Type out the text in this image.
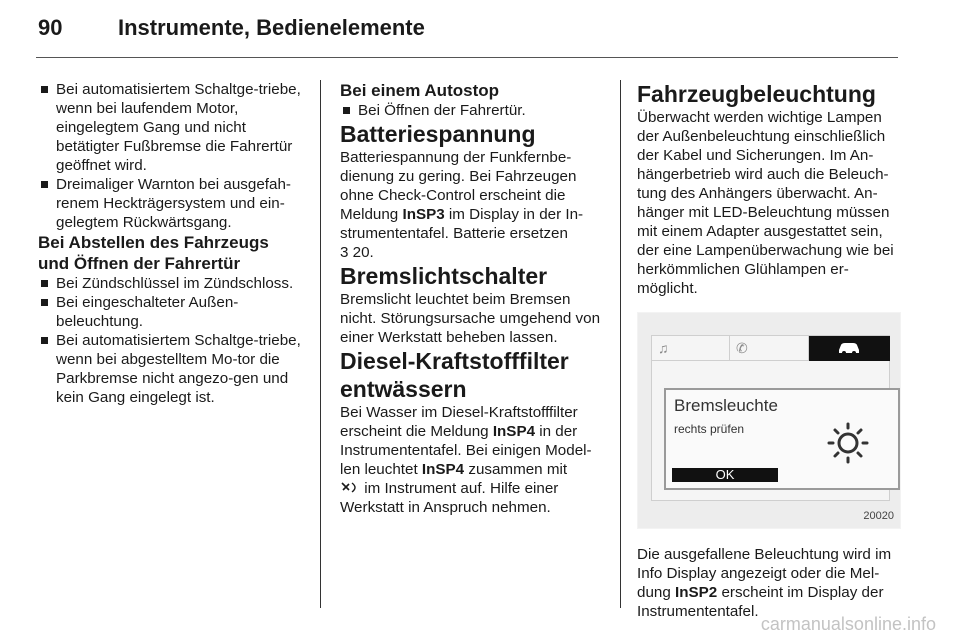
90	Instrumente, Bedienelemente

Bei automatisiertem Schaltge-triebe, wenn bei laufendem Motor, eingelegtem Gang und nicht betätigter Fußbremse die Fahrertür geöffnet wird.

Dreimaliger Warnton bei ausgefah-renem Heckträgersystem und ein-gelegtem Rückwärtsgang.

Bei Abstellen des Fahrzeugs und Öffnen der Fahrertür

Bei Zündschlüssel im Zündschloss.

Bei eingeschalteter Außen-beleuchtung.

Bei automatisiertem Schaltge-triebe, wenn bei abgestelltem Mo-tor die Parkbremse nicht angezo-gen und kein Gang eingelegt ist.

Bei einem Autostop

Bei Öffnen der Fahrertür.

Batteriespannung

Batteriespannung der Funkfernbe-dienung zu gering. Bei Fahrzeugen ohne Check-Control erscheint die Meldung InSP3 im Display in der In-strumententafel. Batterie ersetzen
3 20.

Bremslichtschalter

Bremslicht leuchtet beim Bremsen nicht. Störungsursache umgehend von einer Werkstatt beheben lassen.

Diesel-Kraftstofffilter entwässern

Bei Wasser im Diesel-Kraftstofffilter erscheint die Meldung InSP4 in der Instrumententafel. Bei einigen Model-len leuchtet InSP4 zusammen mit
im Instrument auf. Hilfe einer Werkstatt in Anspruch nehmen.

Fahrzeugbeleuchtung

Überwacht werden wichtige Lampen der Außenbeleuchtung einschließlich der Kabel und Sicherungen. Im An-hängerbetrieb wird auch die Beleuch-tung des Anhängers überwacht. An-hänger mit LED-Beleuchtung müssen mit einem Adapter ausgestattet sein, der eine Lampenüberwachung wie bei herkömmlichen Glühlampen er-möglicht.

♫	✆
Bremsleuchte
rechts prüfen
OK
20020

Die ausgefallene Beleuchtung wird im Info Display angezeigt oder die Mel-dung InSP2 erscheint im Display der Instrumententafel.

carmanualsonline.info
